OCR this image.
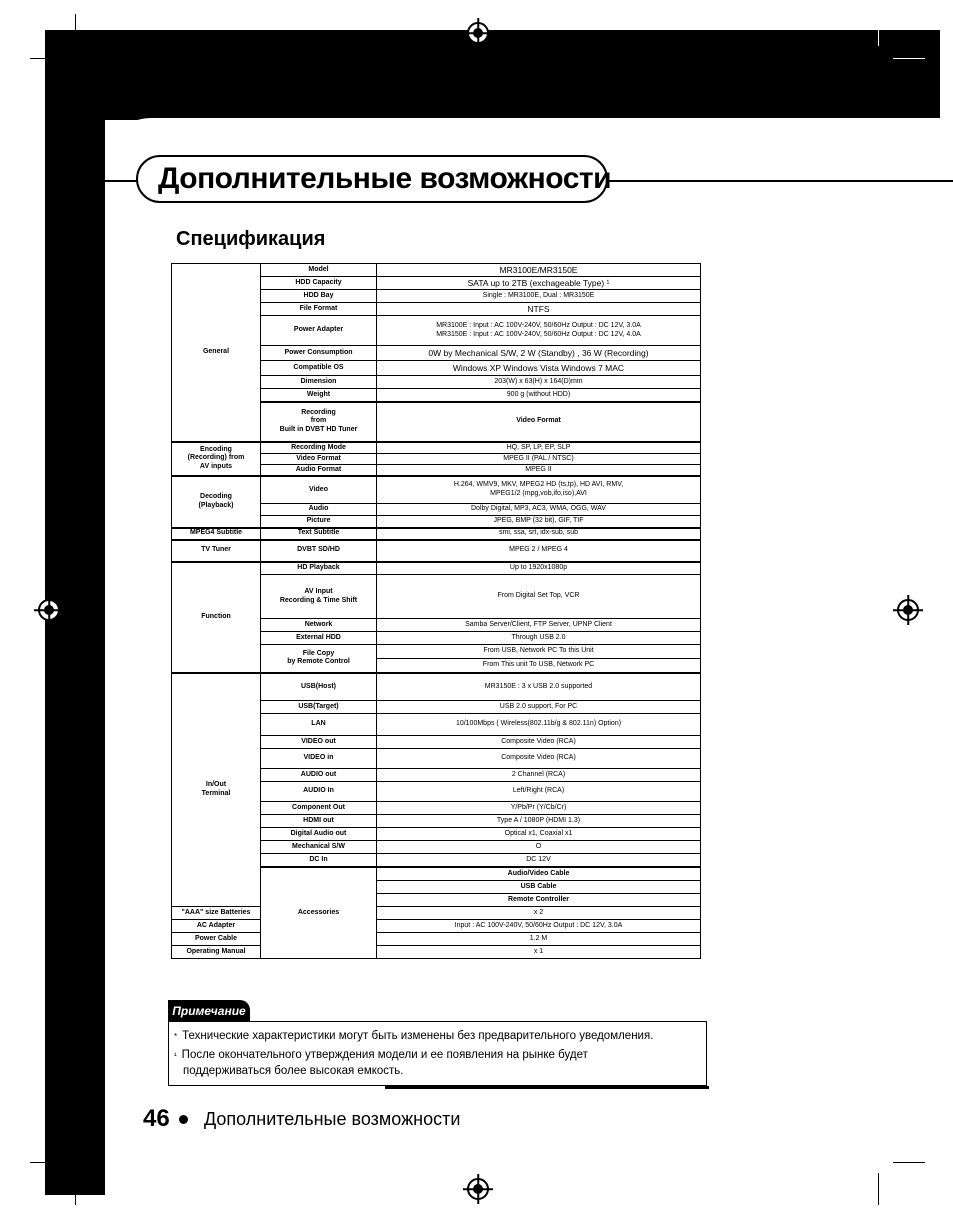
Дополнительные возможности
Спецификация
General	Model	MR3100E/MR3150E	
	HDD Capacity	SATA up to 2TB (exchageable Type) ¹	
	HDD Bay	Single : MR3100E, Dual : MR3150E	
	File Format	NTFS	
	Power Adapter	MR3100E : Input : AC 100V-240V, 50/60Hz Output : DC 12V, 3.0A
MR3150E : Input : AC 100V-240V, 50/60Hz Output : DC 12V, 4.0A	
	Power Consumption	0W by Mechanical S/W, 2 W (Standby) , 36 W (Recording)	
	Compatible OS	Windows XP Windows Vista Windows 7 MAC	
	Dimension	203(W) x 63(H) x 164(D)mm	
	Weight	900 g (without HDD)	
	Recording
from
Built in DVBT HD Tuner	Video Format	
Encoding
(Recording) from
AV inputs	Recording Mode	HQ, SP, LP, EP, SLP	
	Video Format	MPEG II (PAL / NTSC)	
	Audio Format	MPEG II	
Decoding
(Playback)	Video	H.264, WMV9, MKV, MPEG2 HD (ts,tp), HD AVI, RMV,
MPEG1/2 (mpg,vob,ifo,iso),AVI	
	Audio	Dolby Digital, MP3, AC3, WMA, OGG, WAV	
	Picture	JPEG, BMP (32 bit), GIF, TIF	
MPEG4 Subtitle	Text Subtitle	smi, ssa, srt, idx-sub, sub	
TV Tuner	DVBT SD/HD	MPEG 2 / MPEG 4	
Function	HD Playback	Up to 1920x1080p	
	AV Input
Recording & Time Shift	From Digital Set Top, VCR	
	Network	Samba Server/Client, FTP Server, UPNP Client	
	External HDD	Through USB 2.0	
	File Copy
by Remote Control	From USB, Network PC To this Unit	
		From This unit To USB, Network PC	
In/Out
Terminal	USB(Host)	MR3150E : 3 x USB 2.0 supported	
	USB(Target)	USB 2.0 support, For PC	
	LAN	10/100Mbps ( Wireless(802.11b/g & 802.11n) Option)	
	VIDEO out	Composite Video (RCA)	
	VIDEO in	Composite Video (RCA)	
	AUDIO out	2 Channel (RCA)	
	AUDIO In	Left/Right (RCA)	
	Component Out	Y/Pb/Pr (Y/Cb/Cr)	
	HDMI out	Type A / 1080P (HDMI 1.3)	
	Digital Audio out	Optical x1, Coaxial x1	
	Mechanical S/W	O	
	DC In	DC 12V	
	Accessories	Audio/Video Cable	
		USB Cable	
		Remote Controller	
"AAA" size Batteries		x 2	
AC Adapter		Input : AC 100V-240V, 50/60Hz Output : DC 12V, 3.0A	
Power Cable		1.2 M	
Operating Manual		x 1	
Примечание
* Технические характеристики могут быть изменены без предварительного уведомления.
$^{^1}$ После окончательного утверждения модели и ее появления на рынке будет
поддерживаться более высокая емкость.
46 Дополнительные возможности
